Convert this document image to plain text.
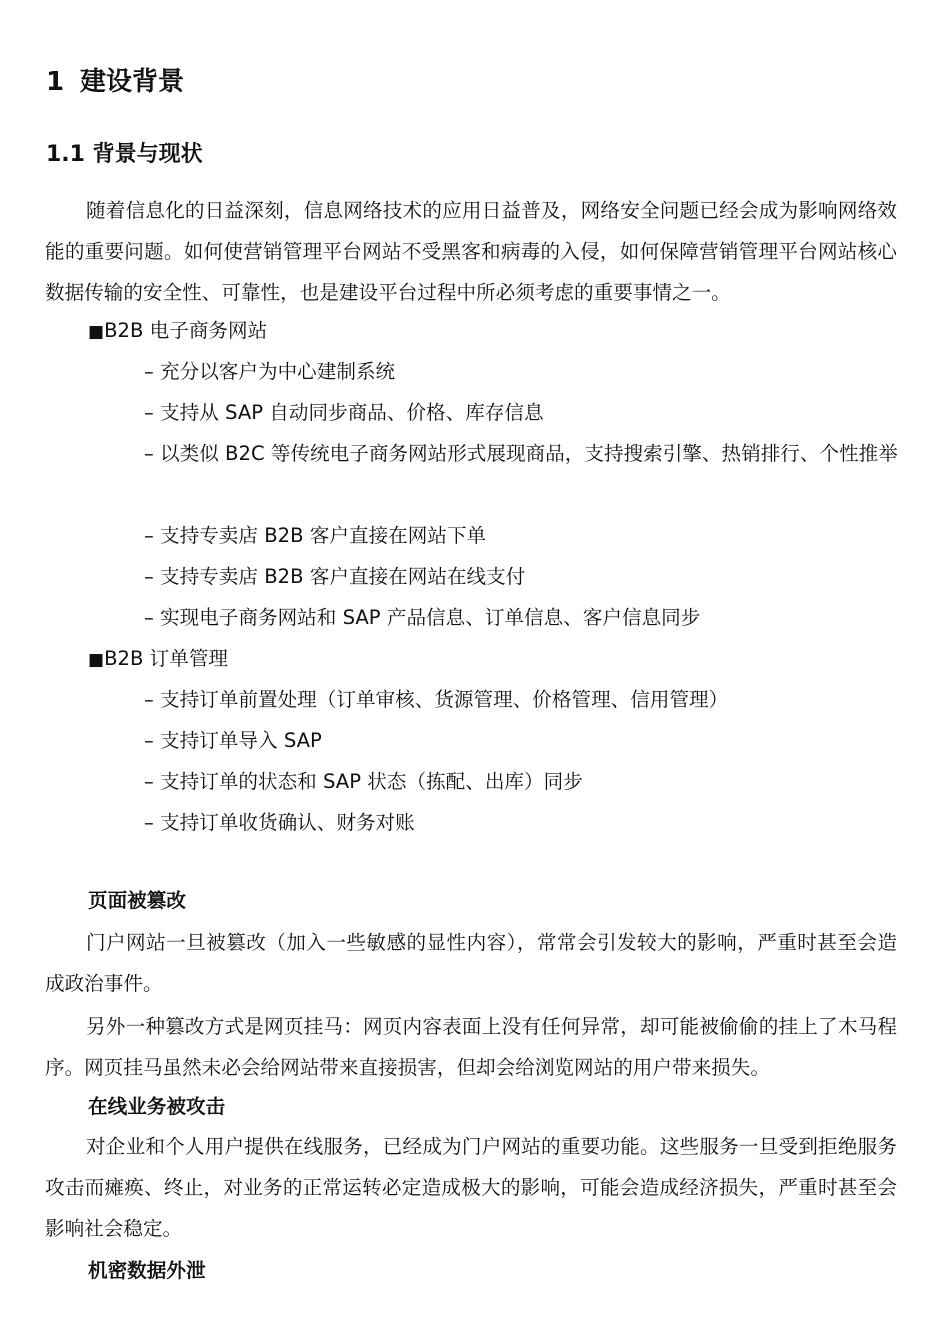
1 建设背景
1.1 背景与现状
随着信息化的日益深刻，信息网络技术的应用日益普及，网络安全问题已经会成为影响网络效能的重要问题。如何使营销管理平台网站不受黑客和病毒的入侵，如何保障营销管理平台网站核心数据传输的安全性、可靠性，也是建设平台过程中所必须考虑的重要事情之一。
■B2B 电子商务网站
– 充分以客户为中心建制系统
– 支持从 SAP 自动同步商品、价格、库存信息
– 以类似 B2C 等传统电子商务网站形式展现商品，支持搜索引擎、热销排行、个性推举
– 支持专卖店 B2B 客户直接在网站下单
– 支持专卖店 B2B 客户直接在网站在线支付
– 实现电子商务网站和 SAP 产品信息、订单信息、客户信息同步
■B2B 订单管理
– 支持订单前置处理（订单审核、货源管理、价格管理、信用管理）
– 支持订单导入 SAP
– 支持订单的状态和 SAP 状态（拣配、出库）同步
– 支持订单收货确认、财务对账
页面被篡改
门户网站一旦被篡改（加入一些敏感的显性内容），常常会引发较大的影响，严重时甚至会造成政治事件。
另外一种篡改方式是网页挂马：网页内容表面上没有任何异常，却可能被偷偷的挂上了木马程序。网页挂马虽然未必会给网站带来直接损害，但却会给浏览网站的用户带来损失。
在线业务被攻击
对企业和个人用户提供在线服务，已经成为门户网站的重要功能。这些服务一旦受到拒绝服务攻击而瘫痪、终止，对业务的正常运转必定造成极大的影响，可能会造成经济损失，严重时甚至会影响社会稳定。
机密数据外泄
